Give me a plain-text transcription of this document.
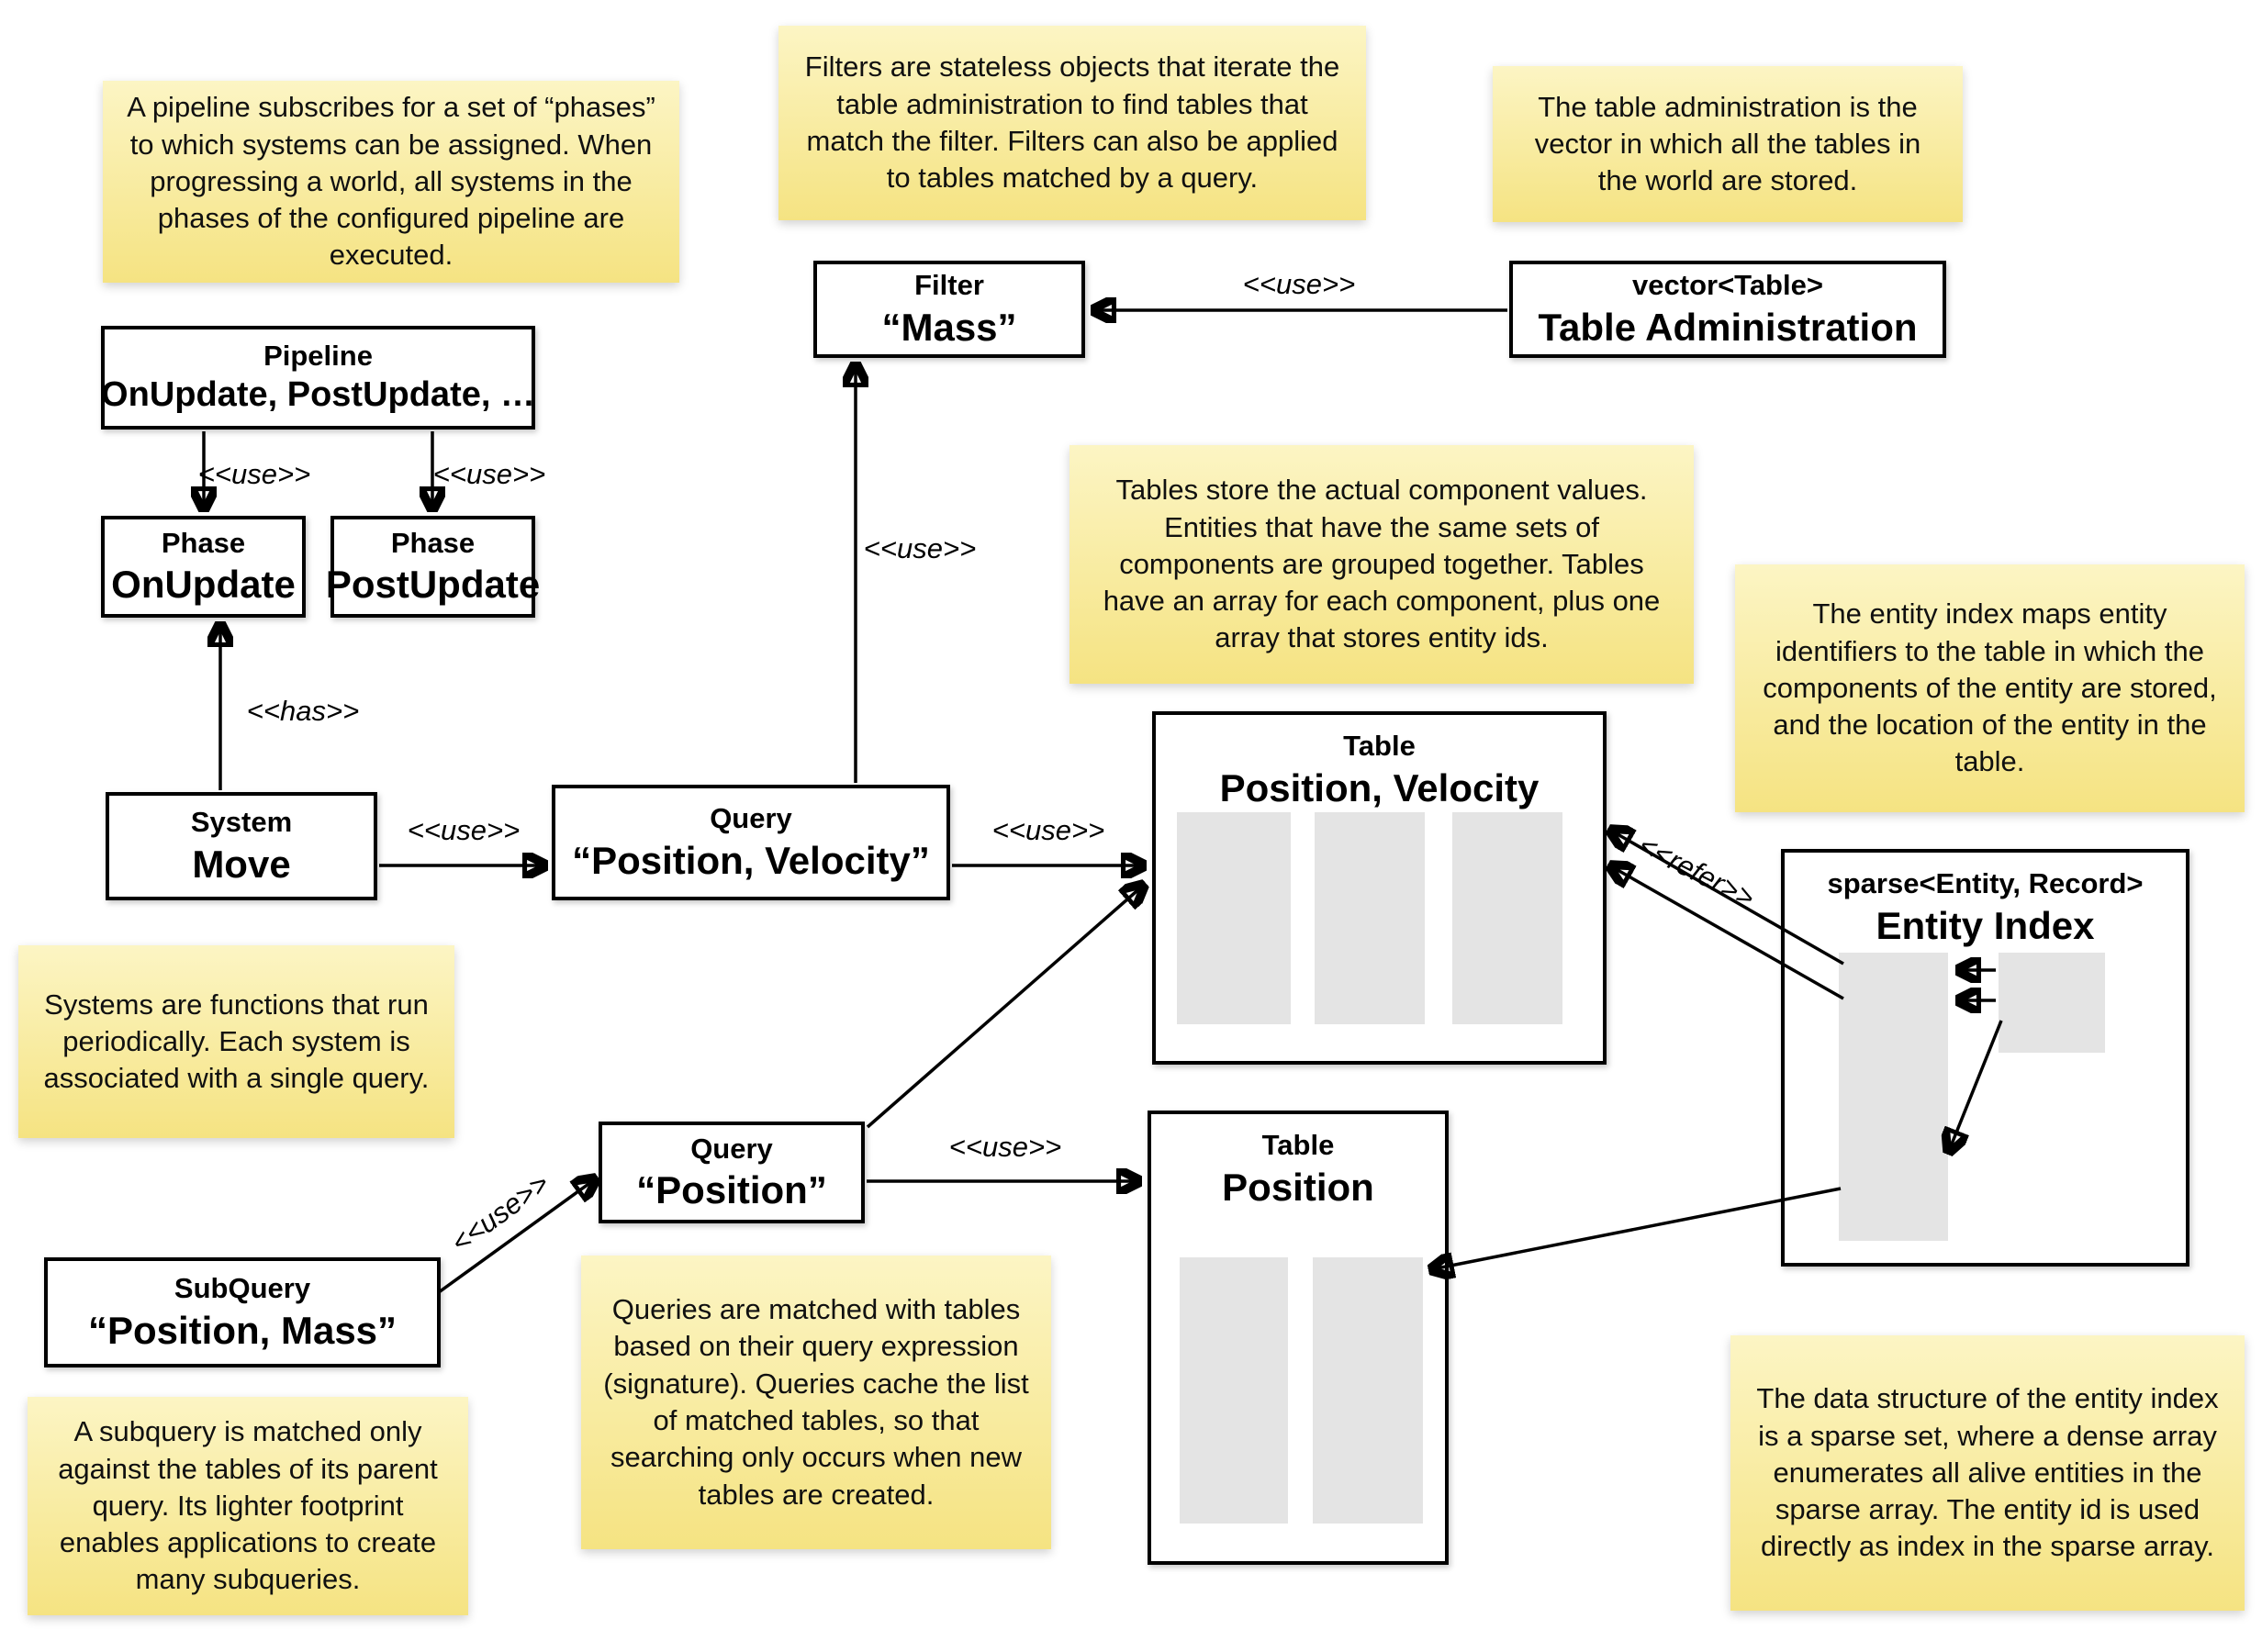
A pipeline subscribes for a set of “phases” to which systems can be assigned. When progressing a world, all systems in the phases of the configured pipeline are executed.
Filters are stateless objects that iterate the table administration to find tables that match the filter. Filters can also be applied to tables matched by a query.
The table administration is the vector in which all the tables in the world are stored.
Tables store the actual component values. Entities that have the same sets of components are grouped together. Tables have an array for each component, plus one array that stores entity ids.
The entity index maps entity identifiers to the table in which the components of the entity are stored, and the location of the entity in the table.
Systems are functions that run periodically. Each system is associated with a single query.
Queries are matched with tables based on their query expression (signature). Queries cache the list of matched tables, so that searching only occurs when new tables are created.
A subquery is matched only against the tables of its parent query. Its lighter footprint enables applications to create many subqueries.
The data structure of the entity index is a sparse set, where a dense array enumerates all alive entities in the sparse array. The entity id is used directly as index in the sparse array.
Pipeline
OnUpdate, PostUpdate, …
Phase
OnUpdate
Phase
PostUpdate
Filter
“Mass”
vector<Table>
Table Administration
System
Move
Query
“Position, Velocity”
Table
Position, Velocity
Query
“Position”
Table
Position
SubQuery
“Position, Mass”
sparse<Entity, Record>
Entity Index
<<use>>	<<use>>
<<has>>
<<use>>
<<use>>
<<use>>
<<use>>
<<use>>
<<use>>
<<refer>>
